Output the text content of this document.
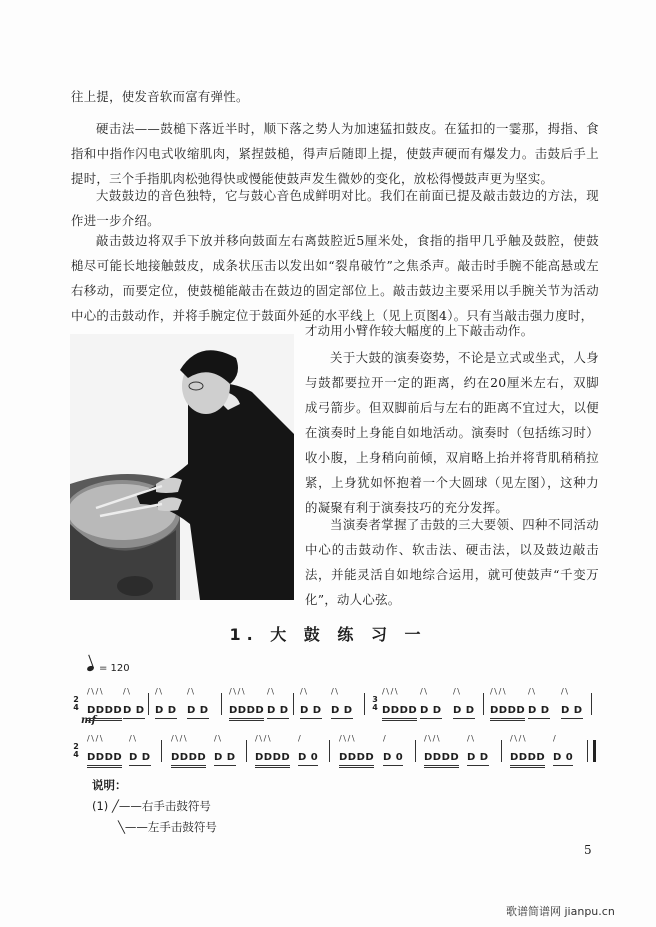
往上提，使发音软而富有弹性。

硬击法——鼓槌下落近半时，顺下落之势人为加速猛扣鼓皮。在猛扣的一霎那，拇指、食指和中指作闪电式收缩肌肉，紧捏鼓槌，得声后随即上提，使鼓声硬而有爆发力。击鼓后手上提时，三个手指肌肉松弛得快或慢能使鼓声发生微妙的变化，放松得慢鼓声更为坚实。

大鼓鼓边的音色独特，它与鼓心音色成鲜明对比。我们在前面已提及敲击鼓边的方法，现作进一步介绍。

敲击鼓边将双手下放并移向鼓面左右离鼓腔近5厘米处，食指的指甲几乎触及鼓腔，使鼓槌尽可能长地接触鼓皮，成条状压击以发出如“裂帛破竹”之焦杀声。敲击时手腕不能高悬或左右移动，而要定位，使鼓槌能敲击在鼓边的固定部位上。敲击鼓边主要采用以手腕关节为活动中心的击鼓动作，并将手腕定位于鼓面外延的水平线上（见上页图4）。只有当敲击强力度时，

才动用小臂作较大幅度的上下敲击动作。

关于大鼓的演奏姿势，不论是立式或坐式，人身与鼓都要拉开一定的距离，约在20厘米左右，双脚成弓箭步。但双脚前后与左右的距离不宜过大，以便在演奏时上身能自如地活动。演奏时（包括练习时）收小腹，上身稍向前倾，双肩略上抬并将背肌稍稍拉紧，上身犹如怀抱着一个大圆球（见左图），这种力的凝聚有利于演奏技巧的充分发挥。

当演奏者掌握了击鼓的三大要领、四种不同活动中心的击鼓动作、软击法、硬击法，以及鼓边敲击法，并能灵活自如地综合运用，就可使鼓声“千变万化”，动人心弦。

1. 大 鼓 练 习 一
= 120
2
4
mf
/\/\
DDDD
/\
D D
/\
D D
/\
D D
/\/\
DDDD
/\
D D
/\
D D
/\
D D
3
4
/\/\
DDDD
/\
D D
/\
D D
/\/\
DDDD
/\
D D
/\
D D
2
4
/\/\
DDDD
/\
D D
/\/\
DDDD
/\
D D
/\/\
DDDD
/
D 0
/\/\
DDDD
/
D 0
/\/\
DDDD
/\
D D
/\/\
DDDD
/
D 0
说明：
(1) ╱——右手击鼓符号
╲——左手击鼓符号
5
歌谱简谱网 jianpu.cn
